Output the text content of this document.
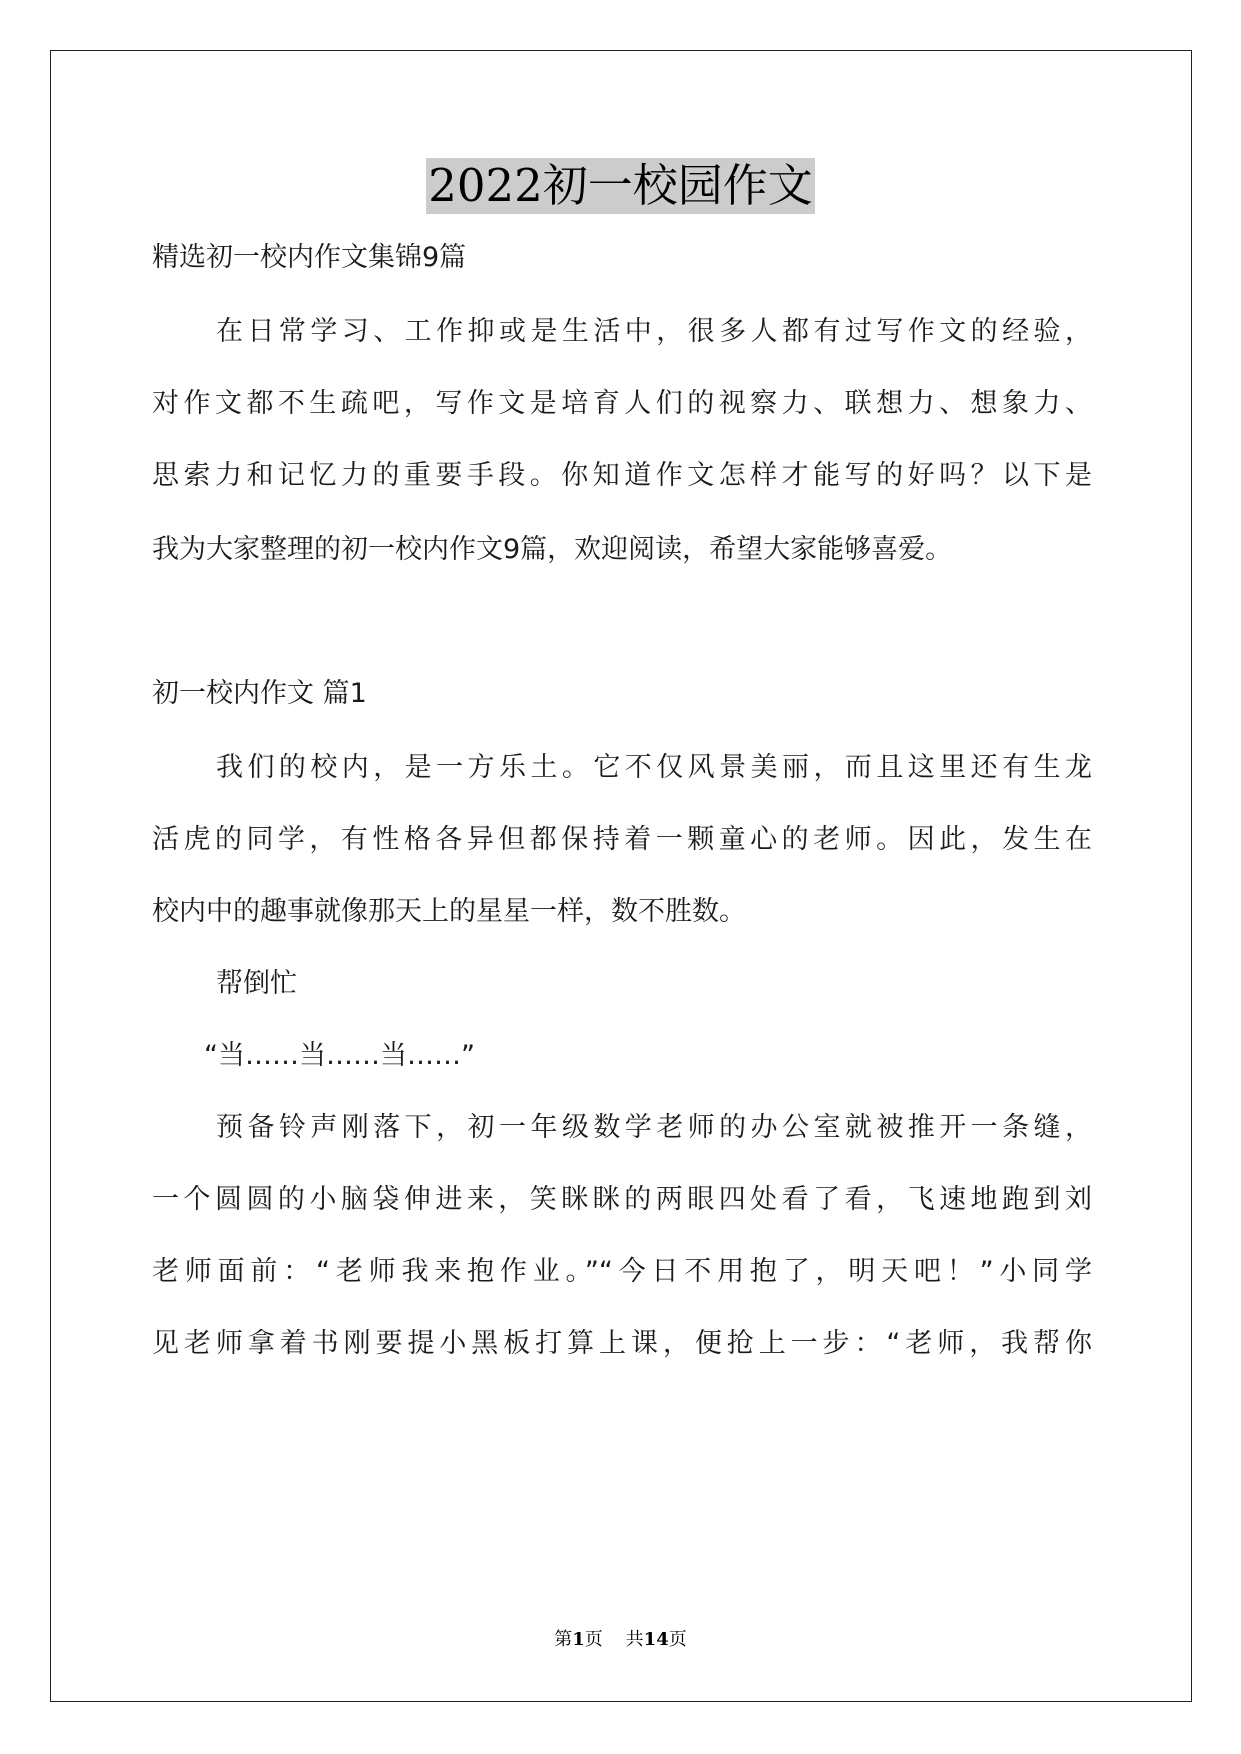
2022初一校园作文
精选初一校内作文集锦9篇
在日常学习、工作抑或是生活中，很多人都有过写作文的经验，
对作文都不生疏吧，写作文是培育人们的视察力、联想力、想象力、
思索力和记忆力的重要手段。你知道作文怎样才能写的好吗？以下是
我为大家整理的初一校内作文9篇，欢迎阅读，希望大家能够喜爱。
初一校内作文 篇1
我们的校内，是一方乐土。它不仅风景美丽，而且这里还有生龙
活虎的同学，有性格各异但都保持着一颗童心的老师。因此，发生在
校内中的趣事就像那天上的星星一样，数不胜数。
帮倒忙
“当……当……当……”
预备铃声刚落下，初一年级数学老师的办公室就被推开一条缝，
一个圆圆的小脑袋伸进来，笑眯眯的两眼四处看了看，飞速地跑到刘
老师面前：“老师我来抱作业。”“今日不用抱了，明天吧！”小同学
见老师拿着书刚要提小黑板打算上课，便抢上一步：“老师，我帮你
第1页    共14页
